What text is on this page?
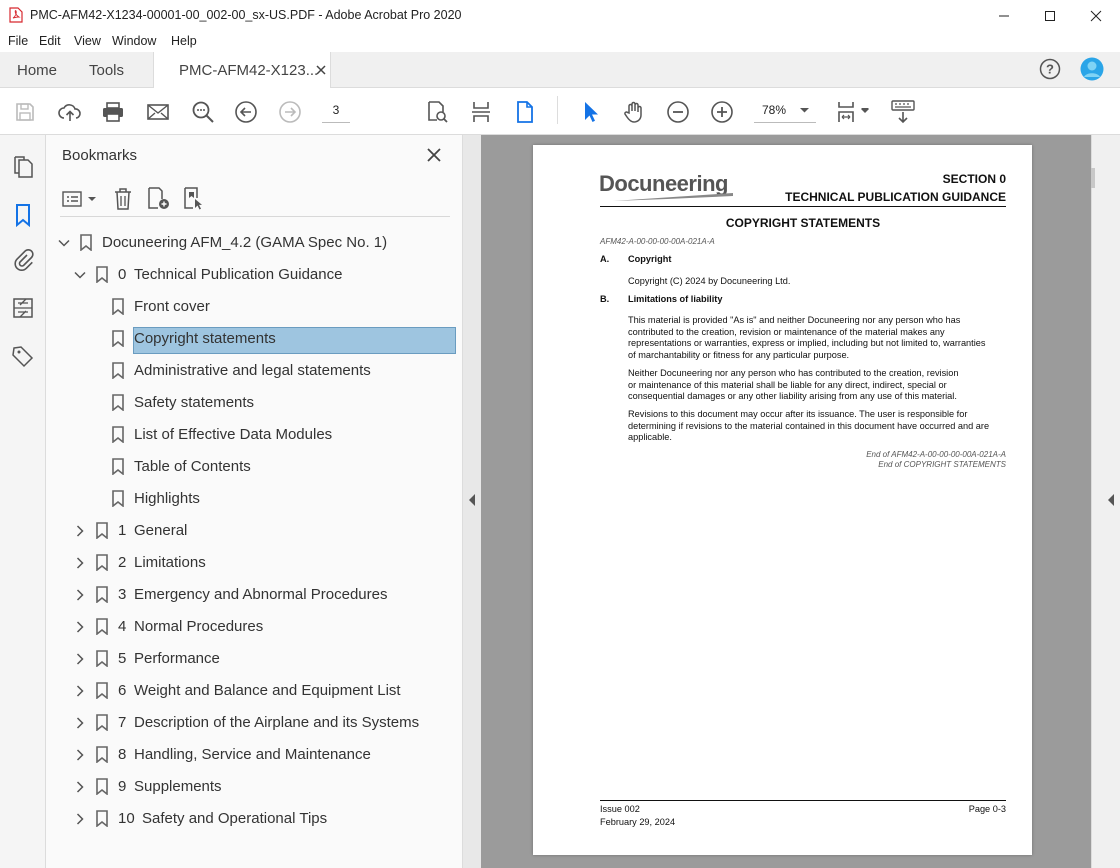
PMC-AFM42-X1234-00001-00_002-00_sx-US.PDF - Adobe Acrobat Pro 2020
File Edit View Window Help
Home Tools	PMC-AFM42-X123...	?
3	78%
Bookmarks
Docuneering AFM_4.2 (GAMA Spec No. 1)
0 Technical Publication Guidance
Front cover
Copyright statements
Administrative and legal statements
Safety statements
List of Effective Data Modules
Table of Contents
Highlights
1 General
2 Limitations
3 Emergency and Abnormal Procedures
4 Normal Procedures
5 Performance
6 Weight and Balance and Equipment List
7 Description of the Airplane and its Systems
8 Handling, Service and Maintenance
9 Supplements
10 Safety and Operational Tips
Docuneering	SECTION 0
TECHNICAL PUBLICATION GUIDANCE
COPYRIGHT STATEMENTS
AFM42-A-00-00-00-00A-021A-A
A. Copyright
Copyright (C) 2024 by Docuneering Ltd.
B. Limitations of liability
This material is provided "As is" and neither Docuneering nor any person who has
contributed to the creation, revision or maintenance of the material makes any
representations or warranties, express or implied, including but not limited to, warranties
of marchantability or fitness for any particular purpose.
Neither Docuneering nor any person who has contributed to the creation, revision
or maintenance of this material shall be liable for any direct, indirect, special or
consequential damages or any other liability arising from any use of this material.
Revisions to this document may occur after its issuance. The user is responsible for
determining if revisions to the material contained in this document have occurred and are
applicable.
End of AFM42-A-00-00-00-00A-021A-A
End of COPYRIGHT STATEMENTS
Issue 002
February 29, 2024
Page 0-3
